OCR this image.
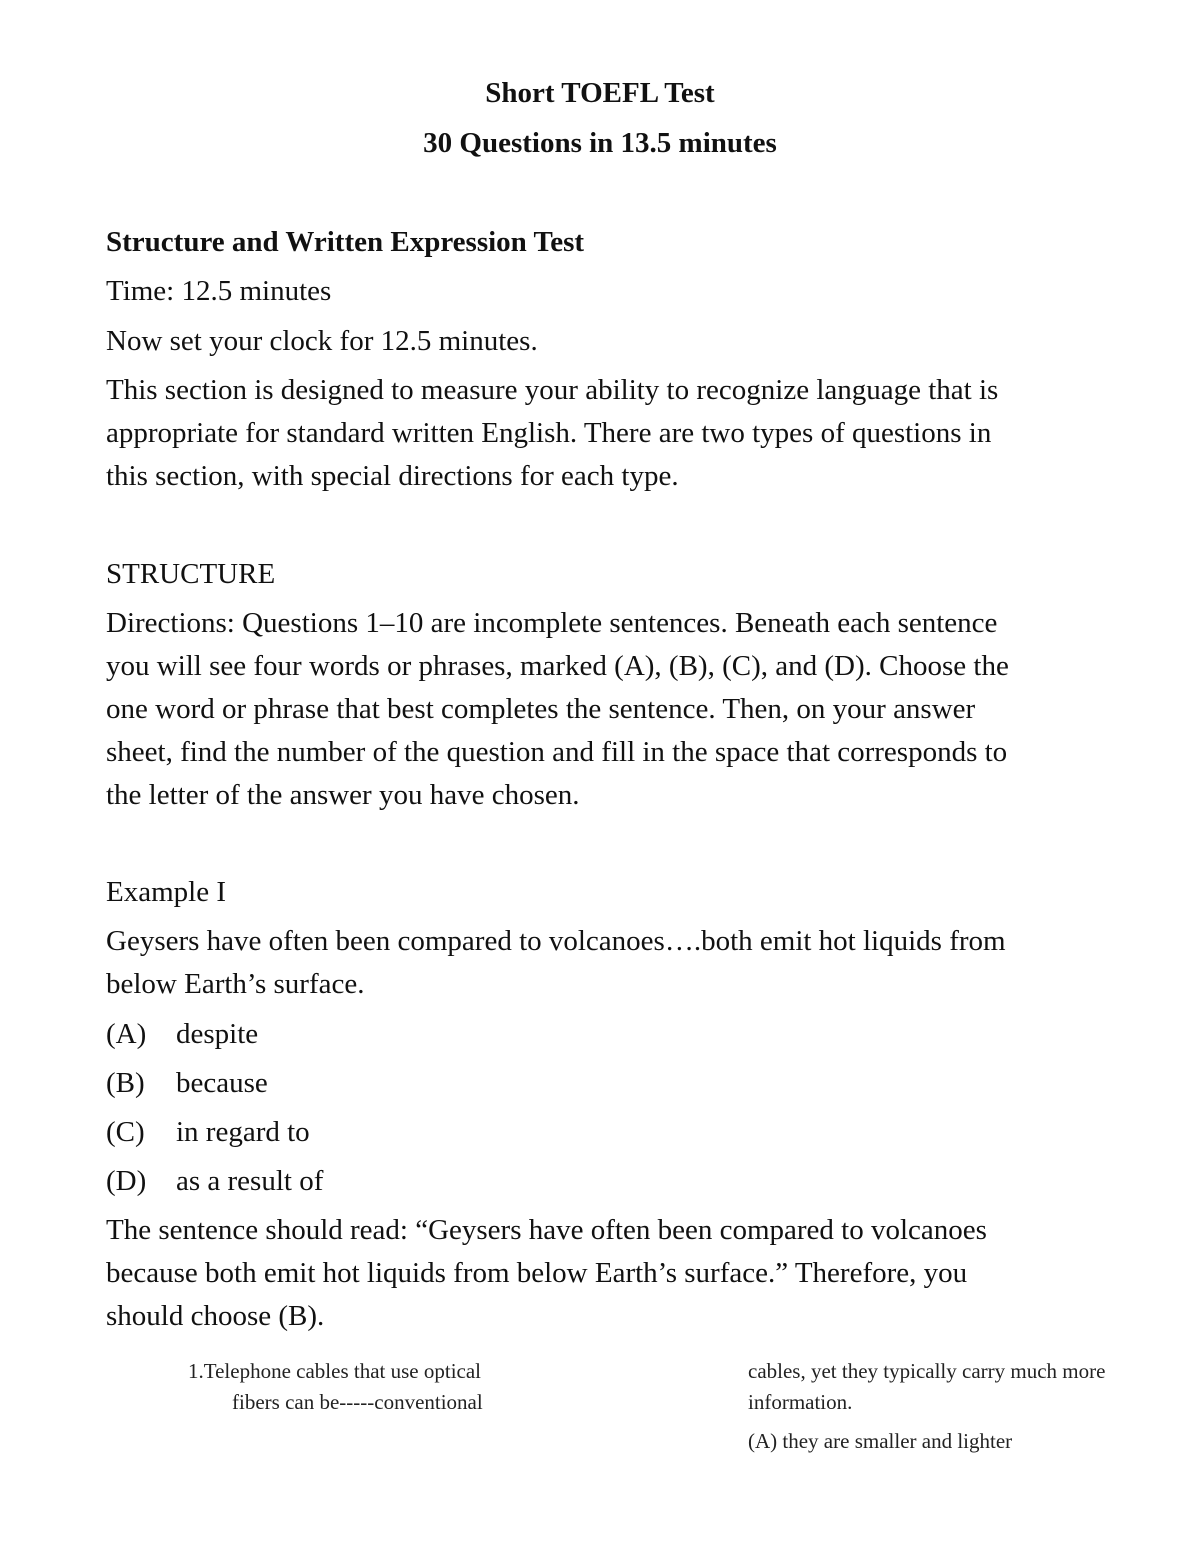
Short TOEFL Test

30 Questions in 13.5 minutes

Structure and Written Expression Test

Time: 12.5 minutes

Now set your clock for 12.5 minutes.

This section is designed to measure your ability to recognize language that is

appropriate for standard written English. There are two types of questions in

this section, with special directions for each type.

STRUCTURE

Directions: Questions 1–10 are incomplete sentences. Beneath each sentence

you will see four words or phrases, marked (A), (B), (C), and (D). Choose the

one word or phrase that best completes the sentence. Then, on your answer

sheet, find the number of the question and fill in the space that corresponds to

the letter of the answer you have chosen.

Example I

Geysers have often been compared to volcanoes….both emit hot liquids from

below Earth’s surface.

(A) despite

(B) because

(C) in regard to

(D) as a result of

The sentence should read: “Geysers have often been compared to volcanoes

because both emit hot liquids from below Earth’s surface.” Therefore, you

should choose (B).

1.Telephone cables that use optical

fibers can be-----conventional

cables, yet they typically carry much more

information.

(A) they are smaller and lighter
